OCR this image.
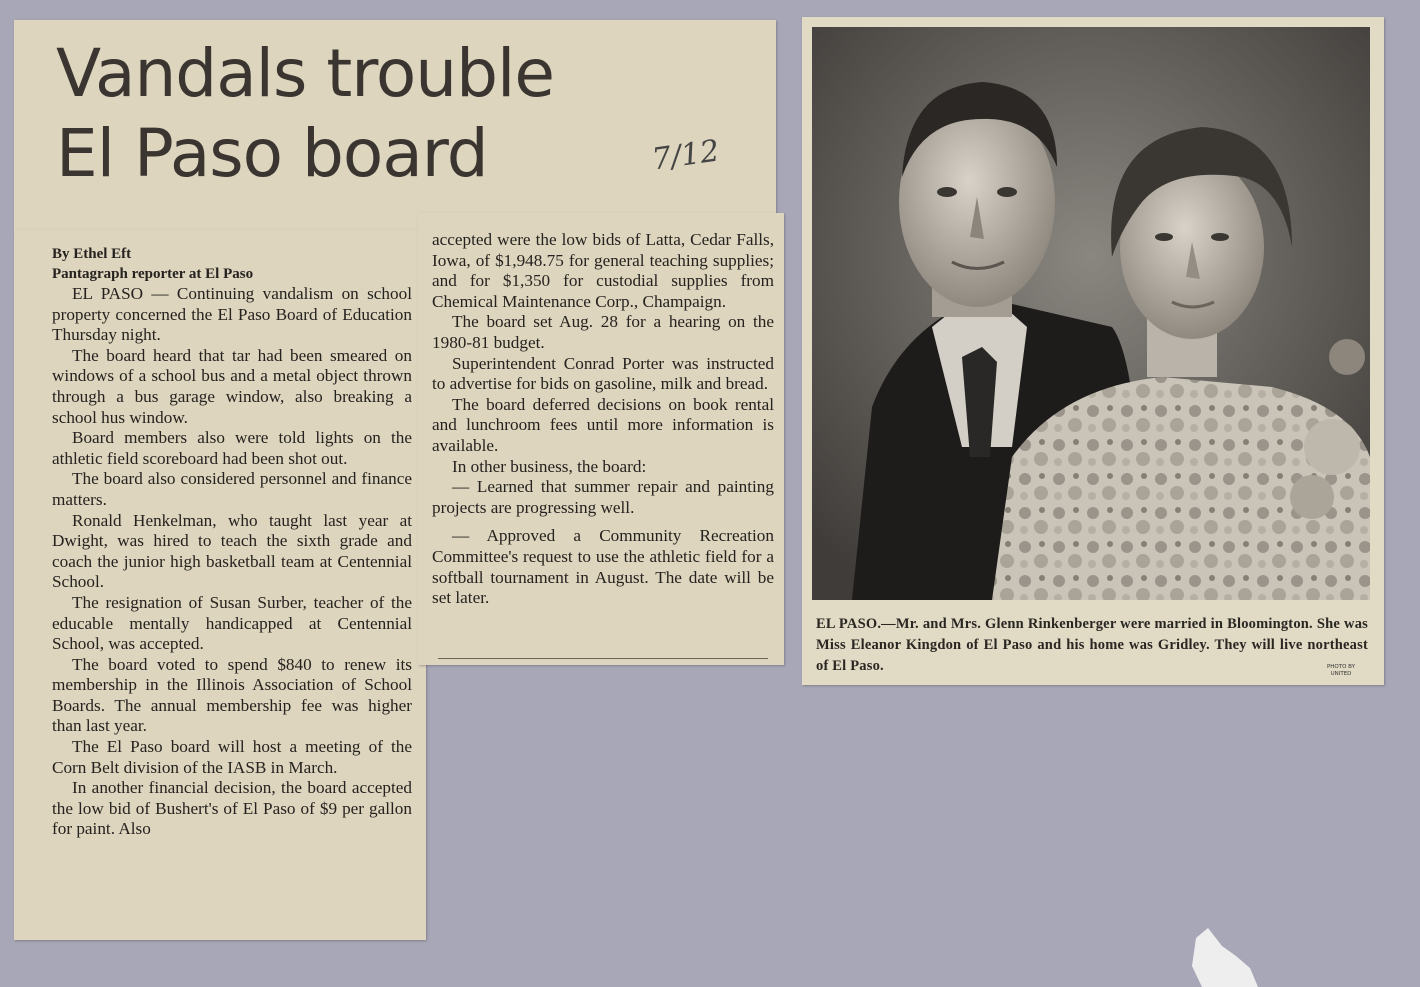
Vandals trouble
El Paso board	7/12

By Ethel Eft

Pantagraph reporter at El Paso

EL PASO — Continuing vandalism on school property concerned the El Paso Board of Education Thursday night.

The board heard that tar had been smeared on windows of a school bus and a metal object thrown through a bus garage window, also breaking a school hus window.

Board members also were told lights on the athletic field scoreboard had been shot out.

The board also considered personnel and finance matters.

Ronald Henkelman, who taught last year at Dwight, was hired to teach the sixth grade and coach the junior high basketball team at Centennial School.

The resignation of Susan Surber, teacher of the educable mentally handicapped at Centennial School, was accepted.

The board voted to spend $840 to renew its membership in the Illinois Association of School Boards. The annual membership fee was higher than last year.

The El Paso board will host a meeting of the Corn Belt division of the IASB in March.

In another financial decision, the board accepted the low bid of Bushert's of El Paso of $9 per gallon for paint. Also

accepted were the low bids of Latta, Cedar Falls, Iowa, of $1,948.75 for general teaching supplies; and for $1,350 for custodial supplies from Chemical Maintenance Corp., Champaign.

The board set Aug. 28 for a hearing on the 1980-81 budget.

Superintendent Conrad Porter was instructed to advertise for bids on gasoline, milk and bread.

The board deferred decisions on book rental and lunchroom fees until more information is available.

In other business, the board:

— Learned that summer repair and painting projects are progressing well.

— Approved a Community Recreation Committee's request to use the athletic field for a softball tournament in August. The date will be set later.

EL PASO.—Mr. and Mrs. Glenn Rinkenberger were married in Bloomington. She was Miss Eleanor Kingdon of El Paso and his home was Gridley. They will live northeast of El Paso.	PHOTO BY UNITED
